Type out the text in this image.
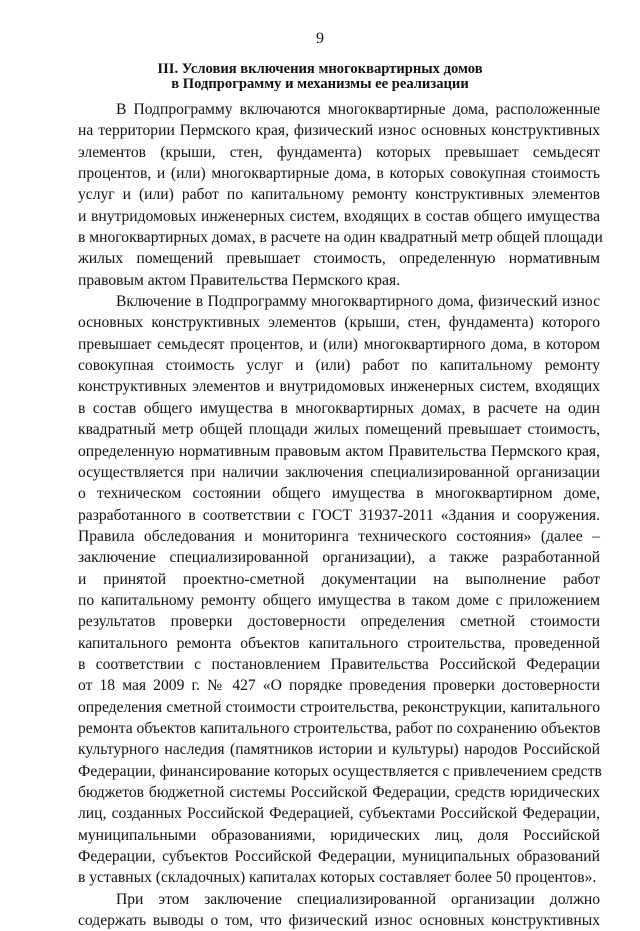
9
III. Условия включения многоквартирных домов
в Подпрограмму и механизмы ее реализации
В Подпрограмму включаются многоквартирные дома, расположенные
на территории Пермского края, физический износ основных конструктивных
элементов (крыши, стен, фундамента) которых превышает семьдесят
процентов, и (или) многоквартирные дома, в которых совокупная стоимость
услуг и (или) работ по капитальному ремонту конструктивных элементов
и внутридомовых инженерных систем, входящих в состав общего имущества
в многоквартирных домах, в расчете на один квадратный метр общей площади
жилых помещений превышает стоимость, определенную нормативным
правовым актом Правительства Пермского края.
Включение в Подпрограмму многоквартирного дома, физический износ
основных конструктивных элементов (крыши, стен, фундамента) которого
превышает семьдесят процентов, и (или) многоквартирного дома, в котором
совокупная стоимость услуг и (или) работ по капитальному ремонту
конструктивных элементов и внутридомовых инженерных систем, входящих
в состав общего имущества в многоквартирных домах, в расчете на один
квадратный метр общей площади жилых помещений превышает стоимость,
определенную нормативным правовым актом Правительства Пермского края,
осуществляется при наличии заключения специализированной организации
о техническом состоянии общего имущества в многоквартирном доме,
разработанного в соответствии с ГОСТ 31937-2011 «Здания и сооружения.
Правила обследования и мониторинга технического состояния» (далее –
заключение специализированной организации), а также разработанной
и принятой проектно-сметной документации на выполнение работ
по капитальному ремонту общего имущества в таком доме с приложением
результатов проверки достоверности определения сметной стоимости
капитального ремонта объектов капитального строительства, проведенной
в соответствии с постановлением Правительства Российской Федерации
от 18 мая 2009 г. № 427 «О порядке проведения проверки достоверности
определения сметной стоимости строительства, реконструкции, капитального
ремонта объектов капитального строительства, работ по сохранению объектов
культурного наследия (памятников истории и культуры) народов Российской
Федерации, финансирование которых осуществляется с привлечением средств
бюджетов бюджетной системы Российской Федерации, средств юридических
лиц, созданных Российской Федерацией, субъектами Российской Федерации,
муниципальными образованиями, юридических лиц, доля Российской
Федерации, субъектов Российской Федерации, муниципальных образований
в уставных (складочных) капиталах которых составляет более 50 процентов».
При этом заключение специализированной организации должно
содержать выводы о том, что физический износ основных конструктивных
